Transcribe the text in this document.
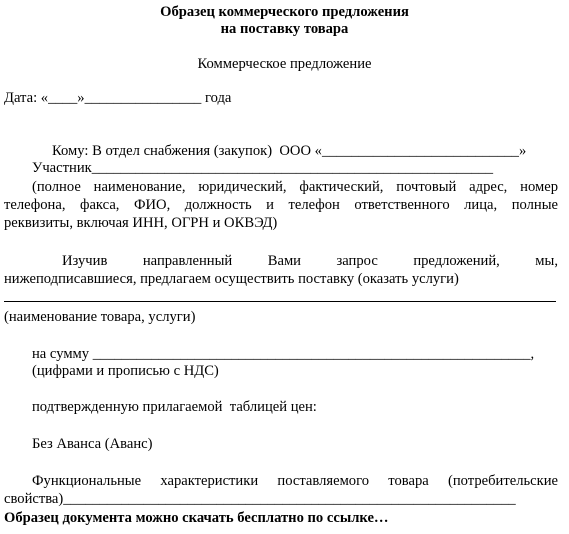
Образец коммерческого предложения
на поставку товара
Коммерческое предложение
Дата: «____»________________ года
Кому: В отдел снабжения (закупок)  ООО «___________________________»
Участник_______________________________________________________
(полное наименование, юридический, фактический, почтовый адрес, номер
телефона, факса, ФИО, должность и телефон ответственного лица, полные
реквизиты, включая ИНН, ОГРН и ОКВЭД)
Изучив направленный Вами запрос предложений, мы,
нижеподписавшиеся, предлагаем осуществить поставку (оказать услуги)
(наименование товара, услуги)
на сумму ____________________________________________________________,
(цифрами и прописью с НДС)
подтвержденную прилагаемой  таблицей цен:
Без Аванса (Аванс)
Функциональные характеристики поставляемого товара (потребительские
свойства)______________________________________________________________
Образец документа можно скачать бесплатно по ссылке…
